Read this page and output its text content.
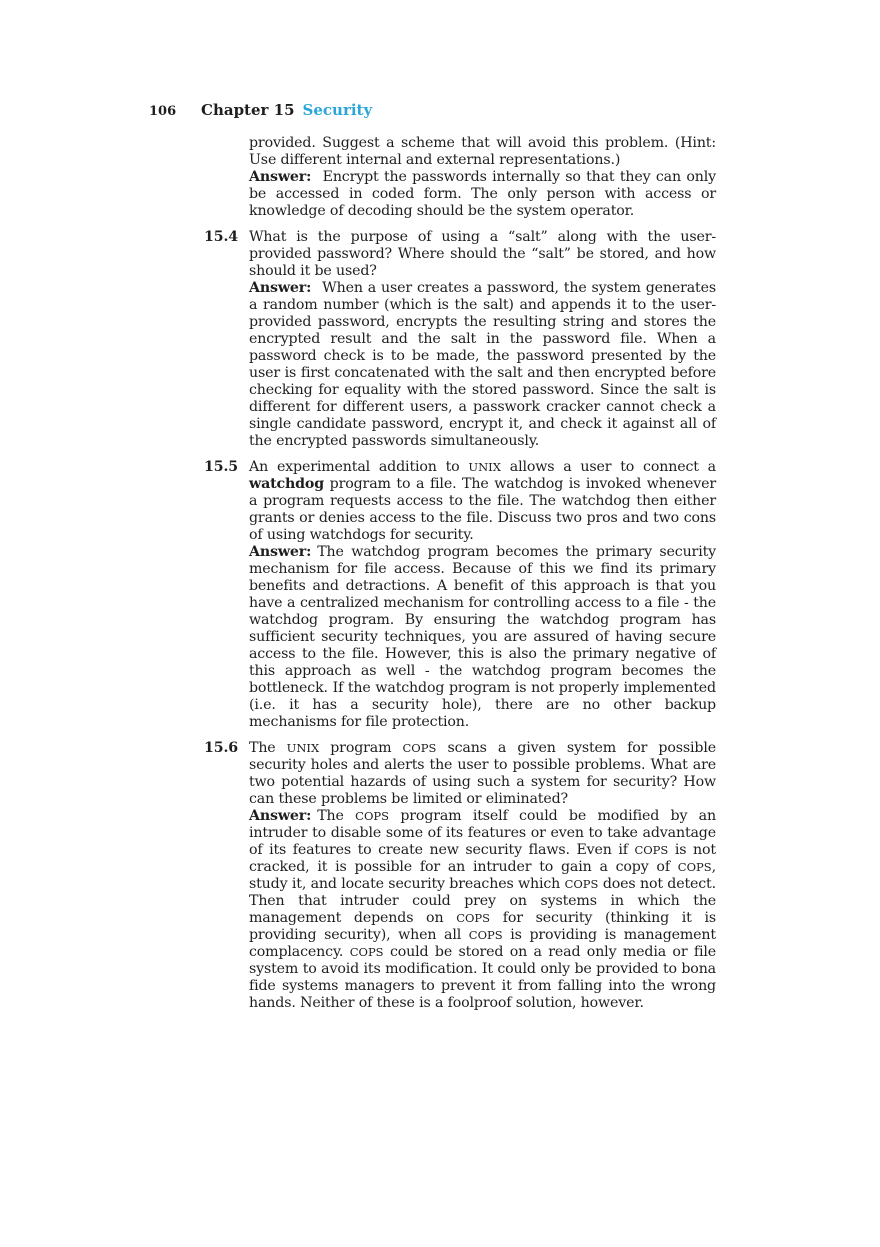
106 Chapter 15 Security

provided. Suggest a scheme that will avoid this problem. (Hint: Use different internal and external representations.)

Answer: Encrypt the passwords internally so that they can only be accessed in coded form. The only person with access or knowledge of decoding should be the system operator.

15.4 What is the purpose of using a “salt” along with the user-provided password? Where should the “salt” be stored, and how should it be used?

Answer: When a user creates a password, the system generates a random number (which is the salt) and appends it to the user-provided password, encrypts the resulting string and stores the encrypted result and the salt in the password file. When a password check is to be made, the password presented by the user is first concatenated with the salt and then encrypted before checking for equality with the stored password. Since the salt is different for different users, a passwork cracker cannot check a single candidate password, encrypt it, and check it against all of the encrypted passwords simultaneously.

15.5 An experimental addition to UNIX allows a user to connect a watchdog program to a file. The watchdog is invoked whenever a program requests access to the file. The watchdog then either grants or denies access to the file. Discuss two pros and two cons of using watchdogs for security.

Answer: The watchdog program becomes the primary security mechanism for file access. Because of this we find its primary benefits and detractions. A benefit of this approach is that you have a centralized mechanism for controlling access to a file - the watchdog program. By ensuring the watchdog program has sufficient security techniques, you are assured of having secure access to the file. However, this is also the primary negative of this approach as well - the watchdog program becomes the bottleneck. If the watchdog program is not properly implemented (i.e. it has a security hole), there are no other backup mechanisms for file protection.

15.6 The UNIX program COPS scans a given system for possible security holes and alerts the user to possible problems. What are two potential hazards of using such a system for security? How can these problems be limited or eliminated?

Answer: The COPS program itself could be modified by an intruder to disable some of its features or even to take advantage of its features to create new security flaws. Even if COPS is not cracked, it is possible for an intruder to gain a copy of COPS, study it, and locate security breaches which COPS does not detect. Then that intruder could prey on systems in which the management depends on COPS for security (thinking it is providing security), when all COPS is providing is management complacency. COPS could be stored on a read only media or file system to avoid its modification. It could only be provided to bona fide systems managers to prevent it from falling into the wrong hands. Neither of these is a foolproof solution, however.
